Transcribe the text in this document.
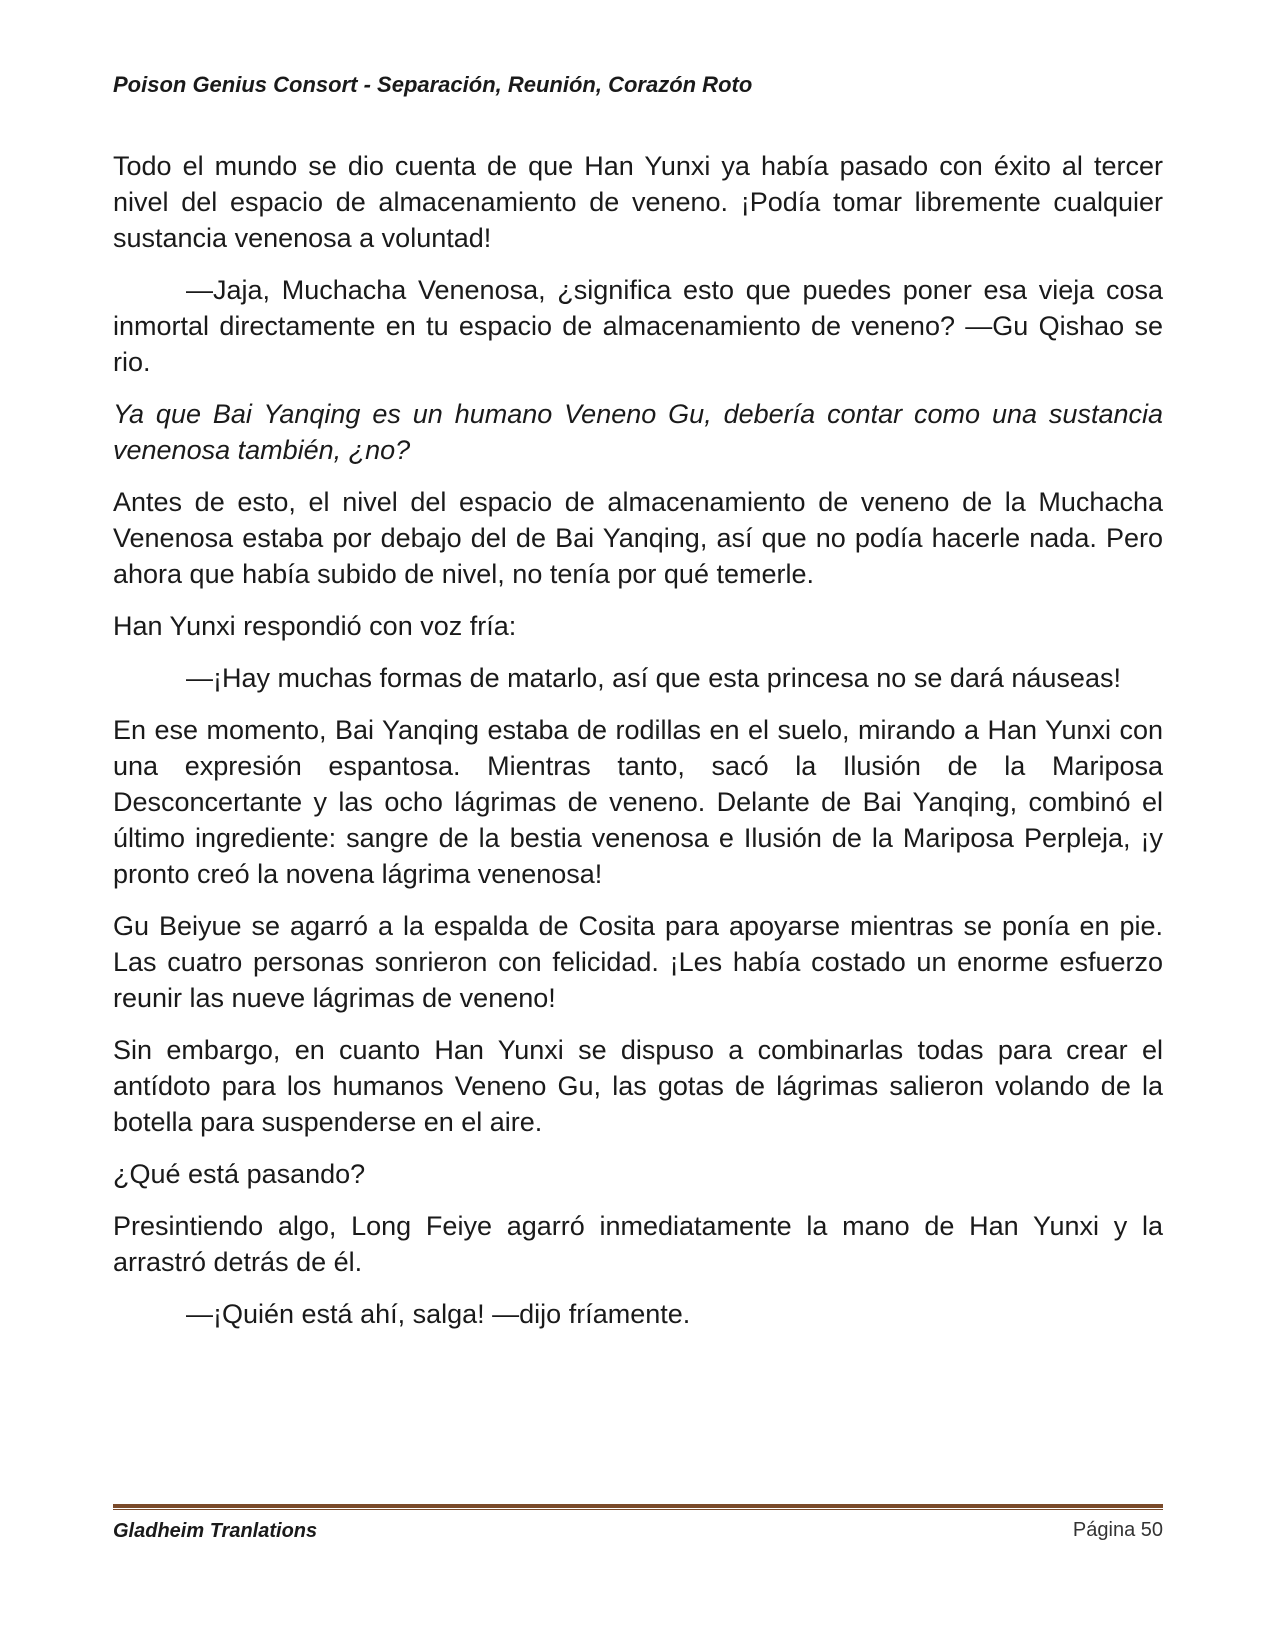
Poison Genius Consort - Separación, Reunión, Corazón Roto

Todo el mundo se dio cuenta de que Han Yunxi ya había pasado con éxito al tercer nivel del espacio de almacenamiento de veneno. ¡Podía tomar libremente cualquier sustancia venenosa a voluntad!

—Jaja, Muchacha Venenosa, ¿significa esto que puedes poner esa vieja cosa inmortal directamente en tu espacio de almacenamiento de veneno? —Gu Qishao se rio.

Ya que Bai Yanqing es un humano Veneno Gu, debería contar como una sustancia venenosa también, ¿no?

Antes de esto, el nivel del espacio de almacenamiento de veneno de la Muchacha Venenosa estaba por debajo del de Bai Yanqing, así que no podía hacerle nada. Pero ahora que había subido de nivel, no tenía por qué temerle.

Han Yunxi respondió con voz fría:

—¡Hay muchas formas de matarlo, así que esta princesa no se dará náuseas!

En ese momento, Bai Yanqing estaba de rodillas en el suelo, mirando a Han Yunxi con una expresión espantosa. Mientras tanto, sacó la Ilusión de la Mariposa Desconcertante y las ocho lágrimas de veneno. Delante de Bai Yanqing, combinó el último ingrediente: sangre de la bestia venenosa e Ilusión de la Mariposa Perpleja, ¡y pronto creó la novena lágrima venenosa!

Gu Beiyue se agarró a la espalda de Cosita para apoyarse mientras se ponía en pie. Las cuatro personas sonrieron con felicidad. ¡Les había costado un enorme esfuerzo reunir las nueve lágrimas de veneno!

Sin embargo, en cuanto Han Yunxi se dispuso a combinarlas todas para crear el antídoto para los humanos Veneno Gu, las gotas de lágrimas salieron volando de la botella para suspenderse en el aire.

¿Qué está pasando?

Presintiendo algo, Long Feiye agarró inmediatamente la mano de Han Yunxi y la arrastró detrás de él.

—¡Quién está ahí, salga! —dijo fríamente.

Gladheim Tranlations	Página 50
